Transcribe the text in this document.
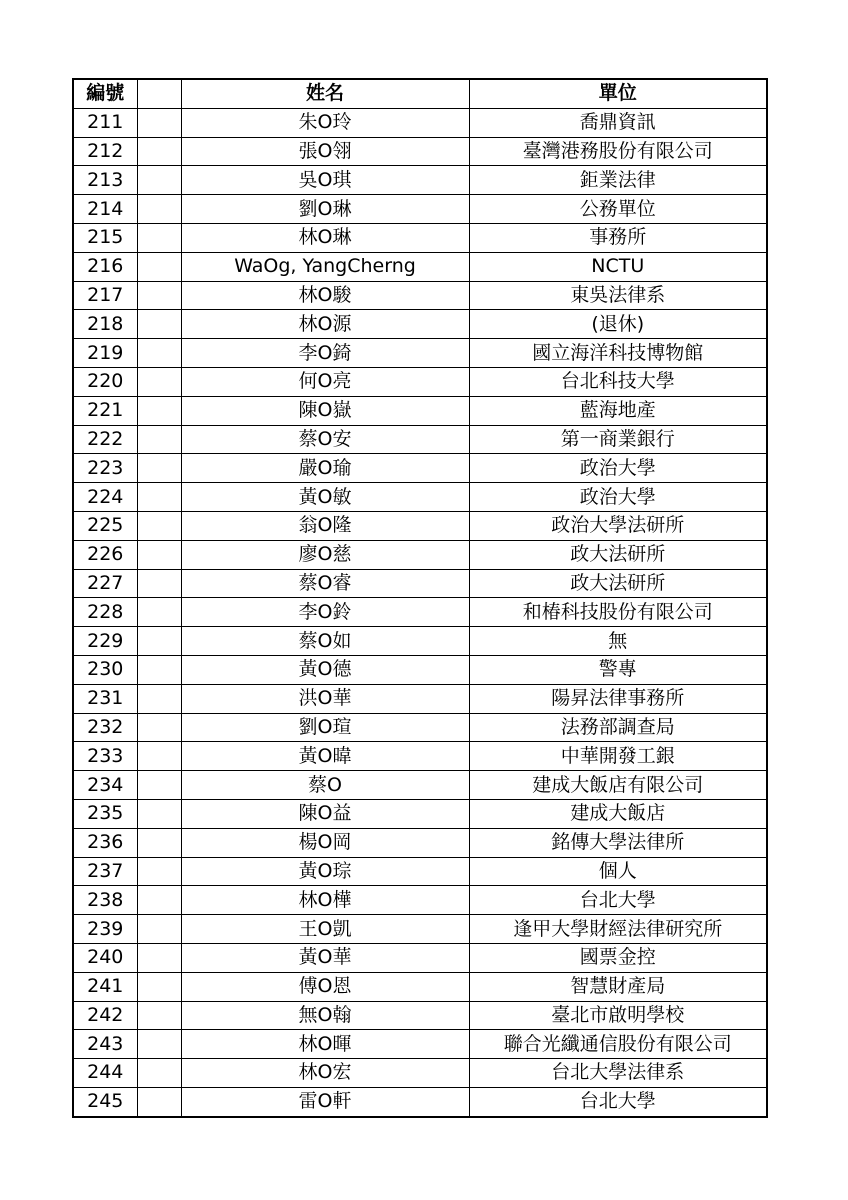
編號		姓名	單位
211		朱O玲	喬鼎資訊
212		張O翎	臺灣港務股份有限公司
213		吳O琪	鉅業法律
214		劉O琳	公務單位
215		林O琳	事務所
216		WaOg, YangCherng	NCTU
217		林O駿	東吳法律系
218		林O源	(退休)
219		李O錡	國立海洋科技博物館
220		何O亮	台北科技大學
221		陳O嶽	藍海地產
222		蔡O安	第一商業銀行
223		嚴O瑜	政治大學
224		黃O敏	政治大學
225		翁O隆	政治大學法研所
226		廖O慈	政大法研所
227		蔡O睿	政大法研所
228		李O鈴	和椿科技股份有限公司
229		蔡O如	無
230		黃O德	警專
231		洪O華	陽昇法律事務所
232		劉O瑄	法務部調查局
233		黃O暐	中華開發工銀
234		蔡O	建成大飯店有限公司
235		陳O益	建成大飯店
236		楊O岡	銘傳大學法律所
237		黃O琮	個人
238		林O樺	台北大學
239		王O凱	逢甲大學財經法律研究所
240		黃O華	國票金控
241		傅O恩	智慧財產局
242		無O翰	臺北市啟明學校
243		林O暉	聯合光纖通信股份有限公司
244		林O宏	台北大學法律系
245		雷O軒	台北大學
